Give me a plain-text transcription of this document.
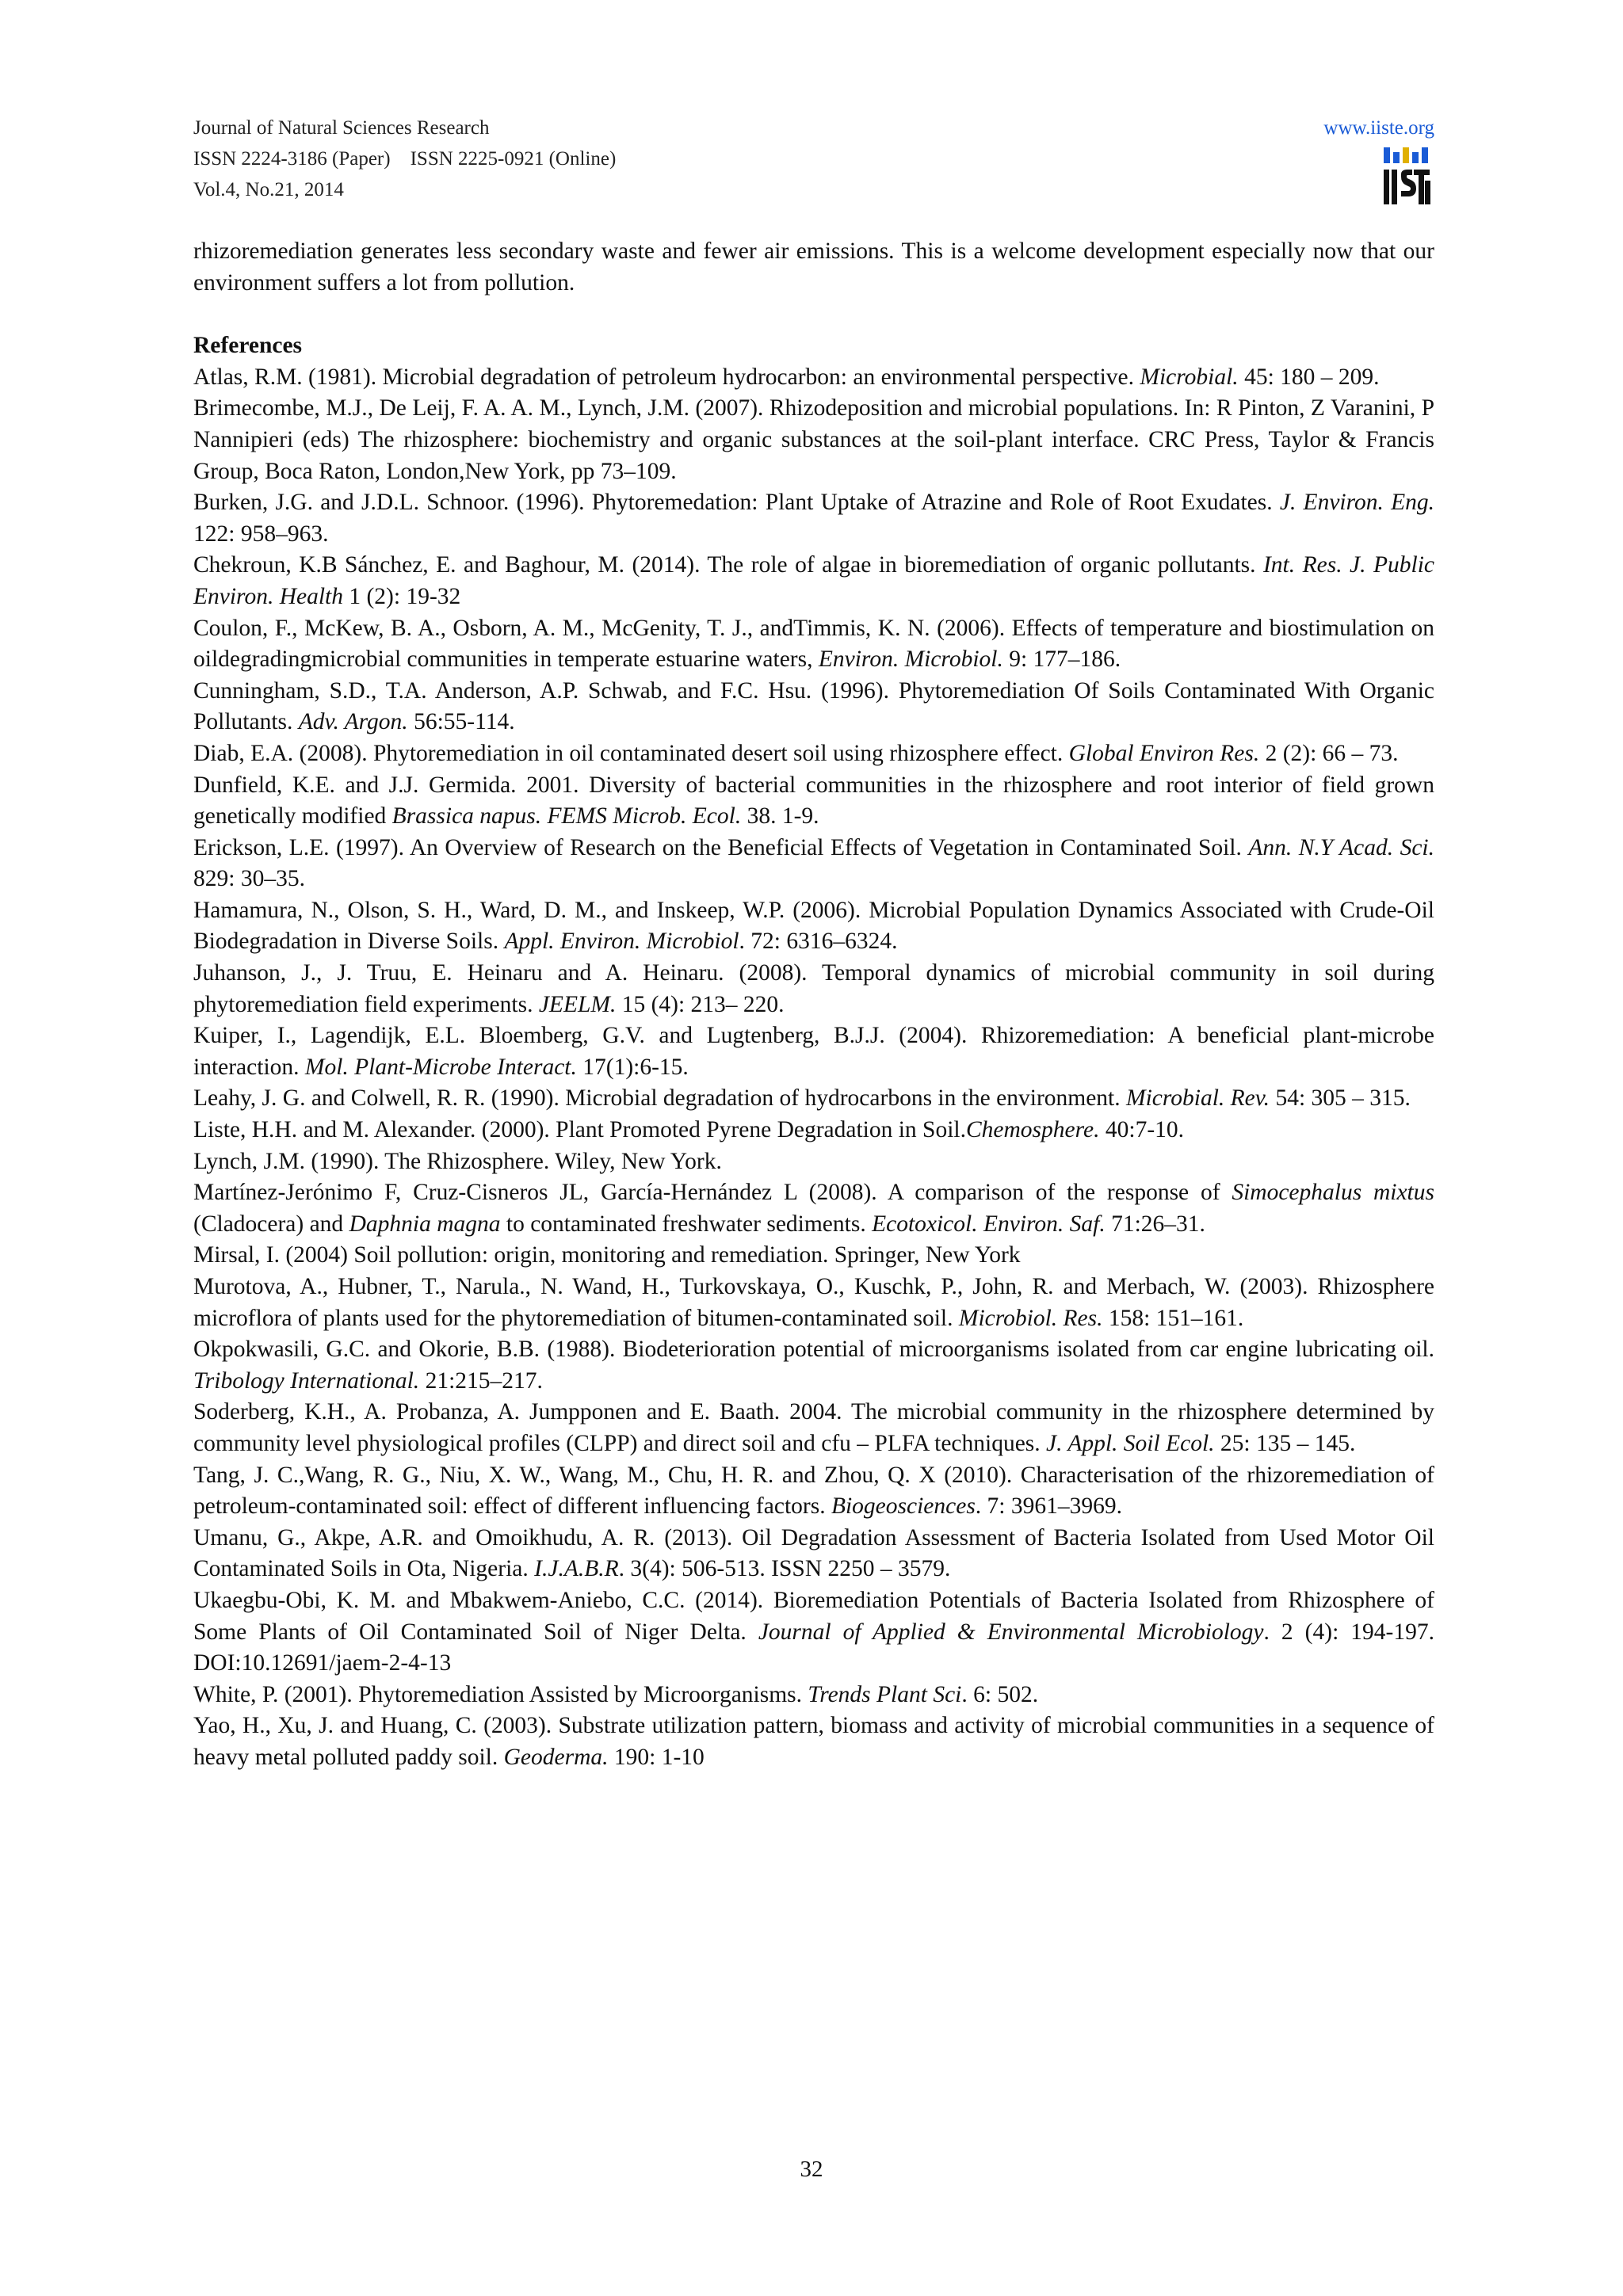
Journal of Natural Sciences Research
ISSN 2224-3186 (Paper)    ISSN 2225-0921 (Online)
Vol.4, No.21, 2014
www.iiste.org

rhizoremediation generates less secondary waste and fewer air emissions. This is a welcome development especially now that our environment suffers a lot from pollution.

References

Atlas, R.M. (1981). Microbial degradation of petroleum hydrocarbon: an environmental perspective. Microbial. 45: 180 – 209.

Brimecombe, M.J., De Leij, F. A. A. M., Lynch, J.M. (2007). Rhizodeposition and microbial populations. In: R Pinton, Z Varanini, P Nannipieri (eds) The rhizosphere: biochemistry and organic substances at the soil-plant interface. CRC Press, Taylor & Francis Group, Boca Raton, London,New York, pp 73–109.

Burken, J.G. and J.D.L. Schnoor. (1996). Phytoremedation: Plant Uptake of Atrazine and Role of Root Exudates. J. Environ. Eng. 122: 958–963.

Chekroun, K.B Sánchez, E. and Baghour, M. (2014). The role of algae in bioremediation of organic pollutants. Int. Res. J. Public Environ. Health 1 (2): 19-32

Coulon, F., McKew, B. A., Osborn, A. M., McGenity, T. J., andTimmis, K. N. (2006). Effects of temperature and biostimulation on oildegradingmicrobial communities in temperate estuarine waters, Environ. Microbiol. 9: 177–186.

Cunningham, S.D., T.A. Anderson, A.P. Schwab, and F.C. Hsu. (1996). Phytoremediation Of Soils Contaminated With Organic Pollutants. Adv. Argon. 56:55-114.

Diab, E.A. (2008). Phytoremediation in oil contaminated desert soil using rhizosphere effect. Global Environ Res. 2 (2): 66 – 73.

Dunfield, K.E. and J.J. Germida. 2001. Diversity of bacterial communities in the rhizosphere and root interior of field grown genetically modified Brassica napus. FEMS Microb. Ecol. 38. 1-9.

Erickson, L.E. (1997). An Overview of Research on the Beneficial Effects of Vegetation in Contaminated Soil. Ann. N.Y Acad. Sci. 829: 30–35.

Hamamura, N., Olson, S. H., Ward, D. M., and Inskeep, W.P. (2006). Microbial Population Dynamics Associated with Crude-Oil Biodegradation in Diverse Soils. Appl. Environ. Microbiol. 72: 6316–6324.

Juhanson, J., J. Truu, E. Heinaru and A. Heinaru. (2008). Temporal dynamics of microbial community in soil during phytoremediation field experiments. JEELM. 15 (4): 213– 220.

Kuiper, I., Lagendijk, E.L. Bloemberg, G.V. and Lugtenberg, B.J.J. (2004). Rhizoremediation: A beneficial plant-microbe interaction. Mol. Plant-Microbe Interact. 17(1):6-15.

Leahy, J. G. and Colwell, R. R. (1990). Microbial degradation of hydrocarbons in the environment. Microbial. Rev. 54: 305 – 315.

Liste, H.H. and M. Alexander. (2000). Plant Promoted Pyrene Degradation in Soil.Chemosphere. 40:7-10.

Lynch, J.M. (1990). The Rhizosphere. Wiley, New York.

Martínez-Jerónimo F, Cruz-Cisneros JL, García-Hernández L (2008). A comparison of the response of Simocephalus mixtus (Cladocera) and Daphnia magna to contaminated freshwater sediments. Ecotoxicol. Environ. Saf. 71:26–31.

Mirsal, I. (2004) Soil pollution: origin, monitoring and remediation. Springer, New York

Murotova, A., Hubner, T., Narula., N. Wand, H., Turkovskaya, O., Kuschk, P., John, R. and Merbach, W. (2003). Rhizosphere microflora of plants used for the phytoremediation of bitumen-contaminated soil. Microbiol. Res. 158: 151–161.

Okpokwasili, G.C. and Okorie, B.B. (1988). Biodeterioration potential of microorganisms isolated from car engine lubricating oil. Tribology International. 21:215–217.

Soderberg, K.H., A. Probanza, A. Jumpponen and E. Baath. 2004. The microbial community in the rhizosphere determined by community level physiological profiles (CLPP) and direct soil and cfu – PLFA techniques. J. Appl. Soil Ecol. 25: 135 – 145.

Tang, J. C.,Wang, R. G., Niu, X. W., Wang, M., Chu, H. R. and Zhou, Q. X (2010). Characterisation of the rhizoremediation of petroleum-contaminated soil: effect of different influencing factors. Biogeosciences. 7: 3961–3969.

Umanu, G., Akpe, A.R. and Omoikhudu, A. R. (2013). Oil Degradation Assessment of Bacteria Isolated from Used Motor Oil Contaminated Soils in Ota, Nigeria. I.J.A.B.R. 3(4): 506-513. ISSN 2250 – 3579.

Ukaegbu-Obi, K. M. and Mbakwem-Aniebo, C.C. (2014). Bioremediation Potentials of Bacteria Isolated from Rhizosphere of Some Plants of Oil Contaminated Soil of Niger Delta. Journal of Applied & Environmental Microbiology. 2 (4): 194-197. DOI:10.12691/jaem-2-4-13

White, P. (2001). Phytoremediation Assisted by Microorganisms. Trends Plant Sci. 6: 502.

Yao, H., Xu, J. and Huang, C. (2003). Substrate utilization pattern, biomass and activity of microbial communities in a sequence of heavy metal polluted paddy soil. Geoderma. 190: 1-10

32
